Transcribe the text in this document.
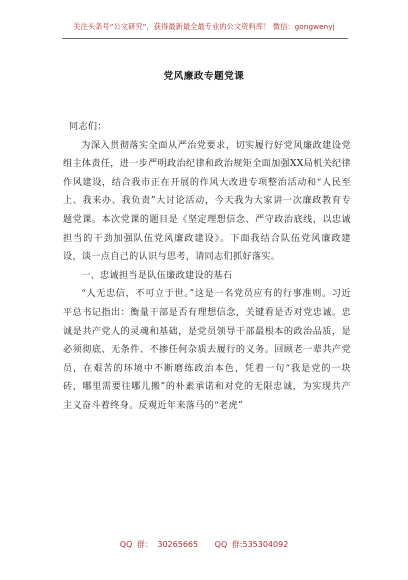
关注头条号“公文研究”，获得最新最全最专业的公文资料库！ 微信：gongwenyj
党风廉政专题党课

同志们：

为深入贯彻落实全面从严治党要求，切实履行好党风廉政建设党组主体责任，进一步严明政治纪律和政治规矩全面加强XX局机关纪律作风建设，结合我市正在开展的作风大改进专项整治活动和“人民至上、我来办、我负责”大讨论活动，今天我为大家讲一次廉政教育专题党课。本次党课的题目是《坚定理想信念、严守政治底线，以忠诚担当的干劲加强队伍党风廉政建设》。下面我结合队伍党风廉政建设，谈一点自己的认识与思考，请同志们抓好落实。

一、忠诚担当是队伍廉政建设的基石

“人无忠信，不可立于世。”这是一名党员应有的行事准则。习近平总书记指出：衡量干部是否有理想信念，关键看是否对党忠诚。忠诚是共产党人的灵魂和基础，是党员领导干部最根本的政治品质，是必须彻底、无条件、不掺任何杂质去履行的义务。回顾老一辈共产党员，在艰苦的环境中不断磨练政治本色，凭着一句“我是党的一块砖，哪里需要往哪儿搬”的朴素承诺和对党的无限忠诚，为实现共产主义奋斗着终身。反观近年来落马的“老虎”

QQ 群： 30265665 QQ 群:535304092
